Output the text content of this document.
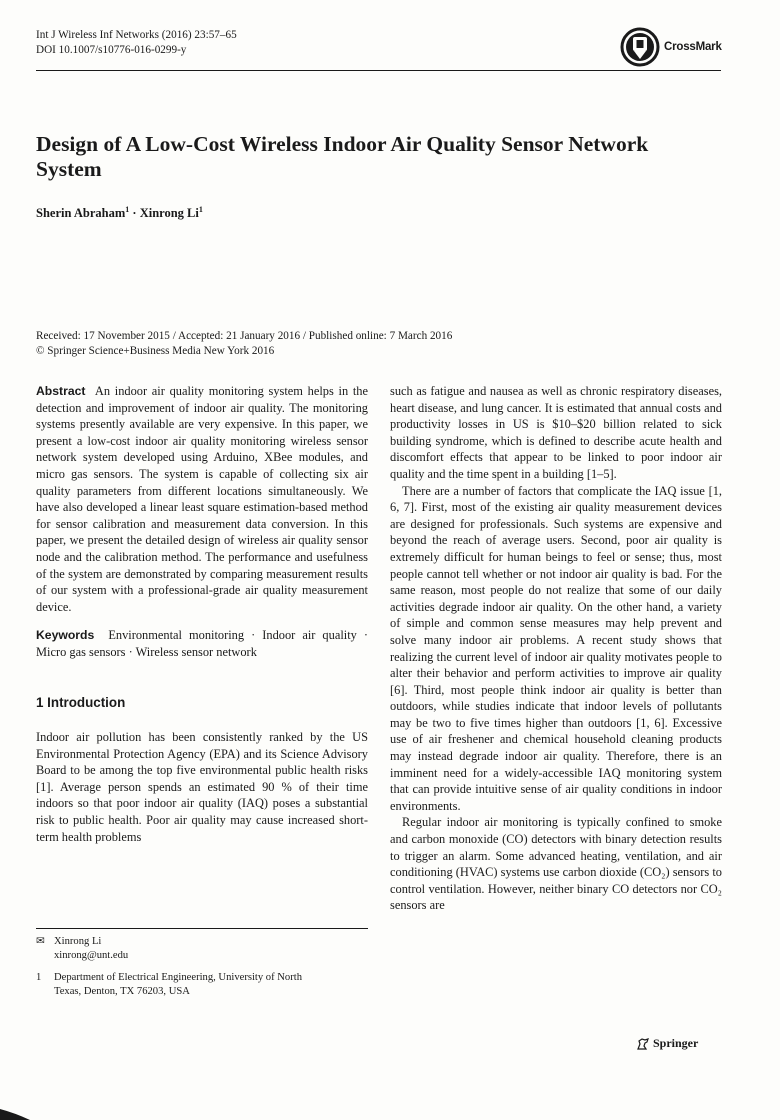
Int J Wireless Inf Networks (2016) 23:57–65
DOI 10.1007/s10776-016-0299-y	CrossMark
Design of A Low-Cost Wireless Indoor Air Quality Sensor Network System
Sherin Abraham$^1$ · Xinrong Li$^1$
Received: 17 November 2015 / Accepted: 21 January 2016 / Published online: 7 March 2016
© Springer Science+Business Media New York 2016

Abstract An indoor air quality monitoring system helps in the detection and improvement of indoor air quality. The monitoring systems presently available are very expensive. In this paper, we present a low-cost indoor air quality monitoring wireless sensor network system developed using Arduino, XBee modules, and micro gas sensors. The system is capable of collecting six air quality parameters from different locations simultaneously. We have also developed a linear least square estimation-based method for sensor calibration and measurement data conversion. In this paper, we present the detailed design of wireless air quality sensor node and the calibration method. The performance and usefulness of the system are demonstrated by comparing measurement results of our system with a professional-grade air quality measurement device.

Keywords Environmental monitoring · Indoor air quality · Micro gas sensors · Wireless sensor network

1 Introduction

Indoor air pollution has been consistently ranked by the US Environmental Protection Agency (EPA) and its Science Advisory Board to be among the top five environmental public health risks [1]. Average person spends an estimated 90 % of their time indoors so that poor indoor air quality (IAQ) poses a substantial risk to public health. Poor air quality may cause increased short-term health problems

such as fatigue and nausea as well as chronic respiratory diseases, heart disease, and lung cancer. It is estimated that annual costs and productivity losses in US is $10–$20 billion related to sick building syndrome, which is defined to describe acute health and discomfort effects that appear to be linked to poor indoor air quality and the time spent in a building [1–5].

There are a number of factors that complicate the IAQ issue [1, 6, 7]. First, most of the existing air quality measurement devices are designed for professionals. Such systems are expensive and beyond the reach of average users. Second, poor air quality is extremely difficult for human beings to feel or sense; thus, most people cannot tell whether or not indoor air quality is bad. For the same reason, most people do not realize that some of our daily activities degrade indoor air quality. On the other hand, a variety of simple and common sense measures may help prevent and solve many indoor air problems. A recent study shows that realizing the current level of indoor air quality motivates people to alter their behavior and perform activities to improve air quality [6]. Third, most people think indoor air quality is better than outdoors, while studies indicate that indoor levels of pollutants may be two to five times higher than outdoors [1, 6]. Excessive use of air freshener and chemical household cleaning products may instead degrade indoor air quality. Therefore, there is an imminent need for a widely-accessible IAQ monitoring system that can provide intuitive sense of air quality conditions in indoor environments.

Regular indoor air monitoring is typically confined to smoke and carbon monoxide (CO) detectors with binary detection results to trigger an alarm. Some advanced heating, ventilation, and air conditioning (HVAC) systems use carbon dioxide (CO₂) sensors to control ventilation. However, neither binary CO detectors nor CO₂ sensors are

✉ Xinrong Li
xinrong@unt.edu
1	Department of Electrical Engineering, University of North
Texas, Denton, TX 76203, USA
Springer
